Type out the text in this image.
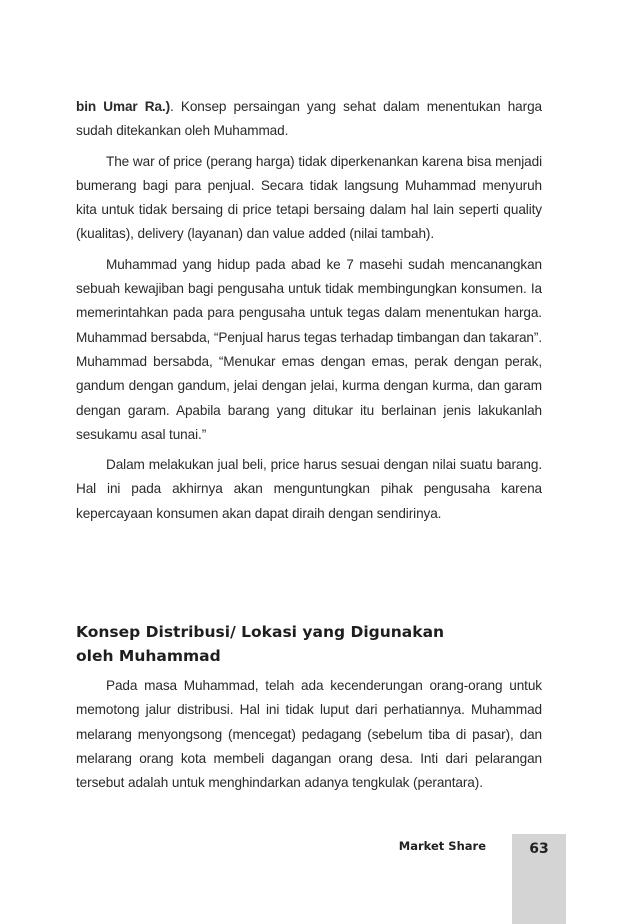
bin Umar Ra.). Konsep persaingan yang sehat dalam menentukan harga sudah ditekankan oleh Muhammad.

The war of price (perang harga) tidak diperkenankan karena bisa menjadi bumerang bagi para penjual. Secara tidak langsung Muhammad menyuruh kita untuk tidak bersaing di price tetapi bersaing dalam hal lain seperti quality (kualitas), delivery (layanan) dan value added (nilai tambah).

Muhammad yang hidup pada abad ke 7 masehi sudah mencanangkan sebuah kewajiban bagi pengusaha untuk tidak membingungkan konsumen. Ia memerintahkan pada para pengusaha untuk tegas dalam menentukan harga. Muhammad bersabda, “Penjual harus tegas terhadap timbangan dan takaran”. Muhammad bersabda, “Menukar emas dengan emas, perak dengan perak, gandum dengan gandum, jelai dengan jelai, kurma dengan kurma, dan garam dengan garam. Apabila barang yang ditukar itu berlainan jenis lakukanlah sesukamu asal tunai.”

Dalam melakukan jual beli, price harus sesuai dengan nilai suatu barang. Hal ini pada akhirnya akan menguntungkan pihak pengusaha karena kepercayaan konsumen akan dapat diraih dengan sendirinya.

Konsep Distribusi/ Lokasi yang Digunakan
oleh Muhammad

Pada masa Muhammad, telah ada kecenderungan orang-orang untuk memotong jalur distribusi. Hal ini tidak luput dari perhatiannya. Muhammad melarang menyongsong (mencegat) pedagang (sebelum tiba di pasar), dan melarang orang kota membeli dagangan orang desa. Inti dari pelarangan tersebut adalah untuk menghindarkan adanya tengkulak (perantara).

Market Share	63
